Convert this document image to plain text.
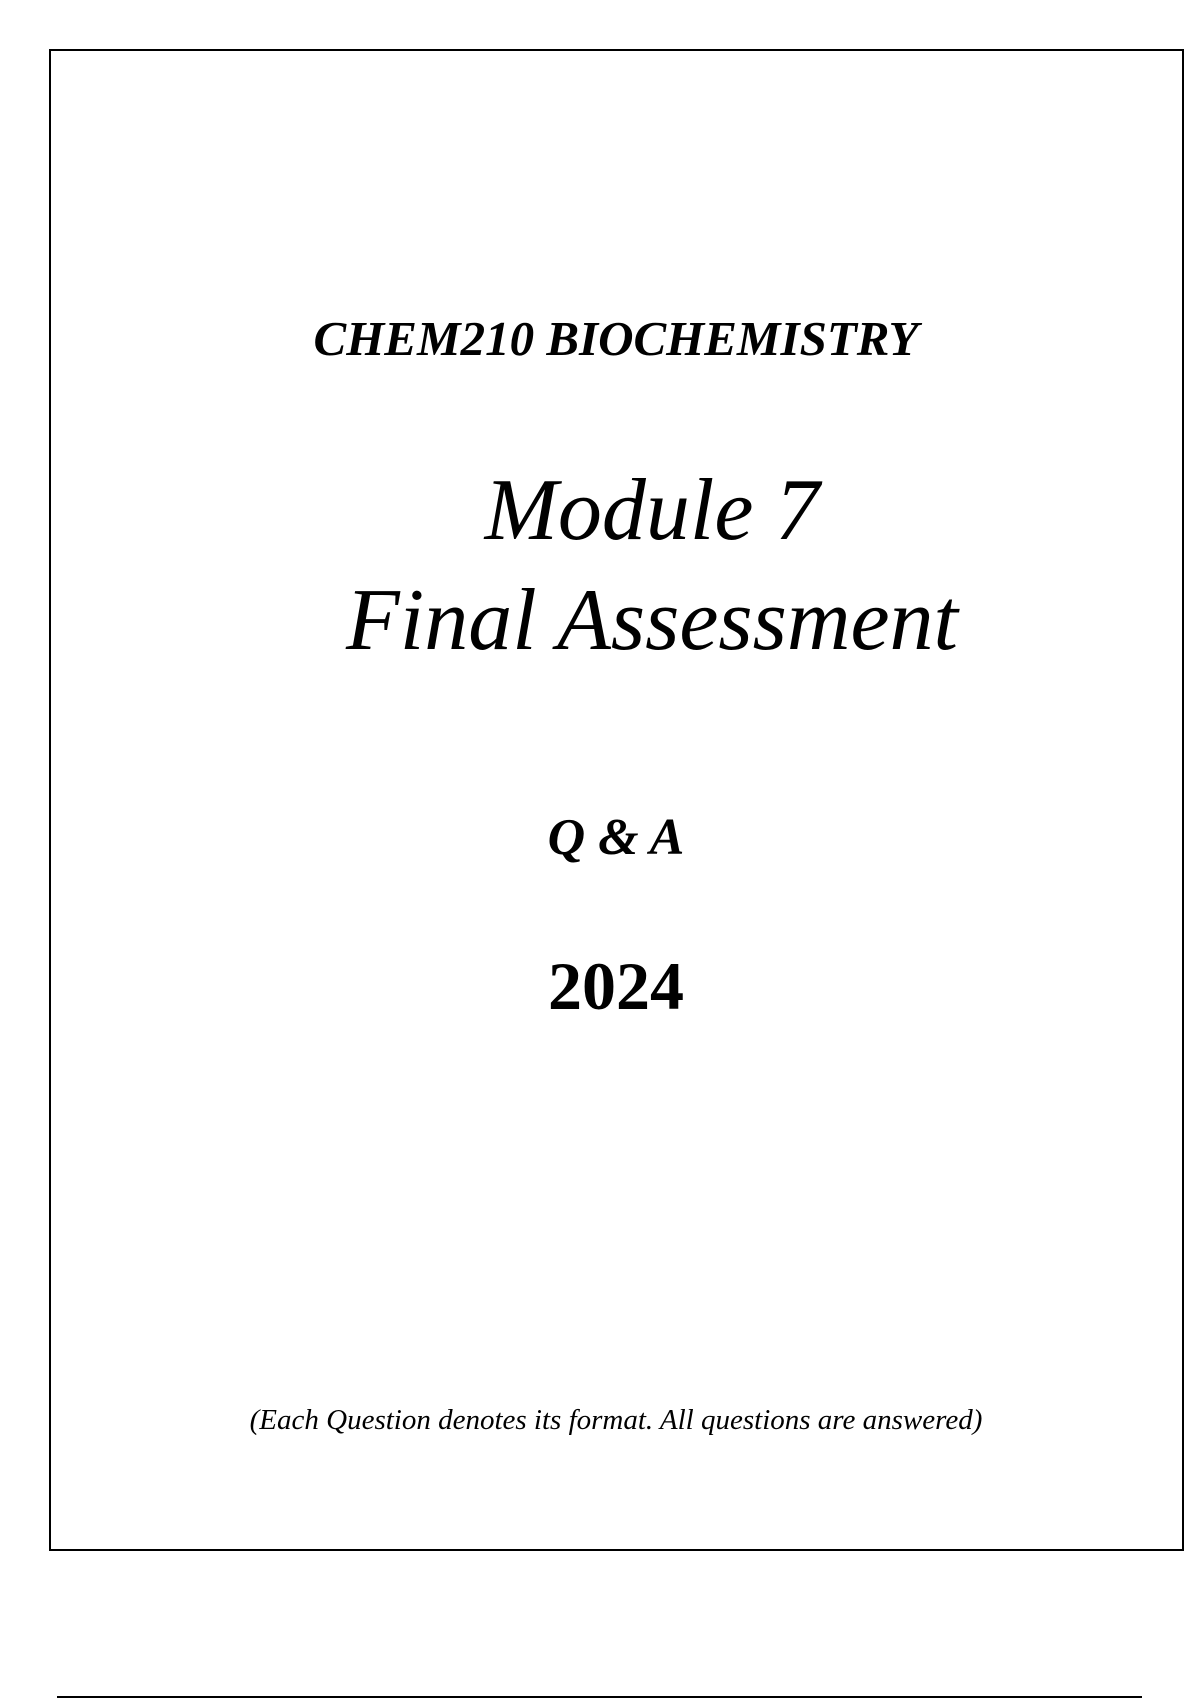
CHEM210 BIOCHEMISTRY
Module 7
Final Assessment
Q & A
2024
(Each Question denotes its format. All questions are answered)
